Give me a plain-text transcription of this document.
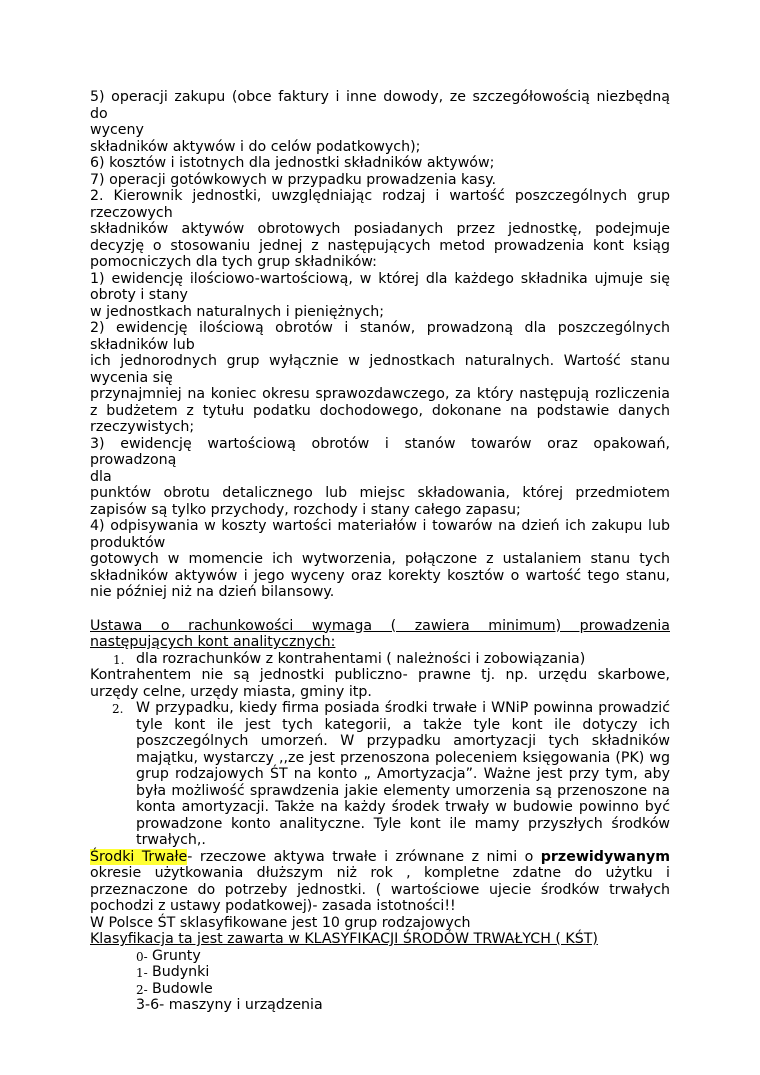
5) operacji zakupu (obce faktury i inne dowody, ze szczegółowością niezbędną do

wyceny

składników aktywów i do celów podatkowych);

6) kosztów i istotnych dla jednostki składników aktywów;

7) operacji gotówkowych w przypadku prowadzenia kasy.

2. Kierownik jednostki, uwzględniając rodzaj i wartość poszczególnych grup

rzeczowych

składników aktywów obrotowych posiadanych przez jednostkę, podejmuje decyzję o stosowaniu jednej z następujących metod prowadzenia kont ksiąg pomocniczych dla tych grup składników:

1) ewidencję ilościowo-wartościową, w której dla każdego składnika ujmuje się

obroty i stany

w jednostkach naturalnych i pieniężnych;

2) ewidencję ilościową obrotów i stanów, prowadzoną dla poszczególnych

składników lub

ich jednorodnych grup wyłącznie w jednostkach naturalnych. Wartość stanu

wycenia się

przynajmniej na koniec okresu sprawozdawczego, za który następują rozliczenia z budżetem z tytułu podatku dochodowego, dokonane na podstawie danych rzeczywistych;

3) ewidencję wartościową obrotów i stanów towarów oraz opakowań, prowadzoną

dla

punktów obrotu detalicznego lub miejsc składowania, której przedmiotem zapisów są tylko przychody, rozchody i stany całego zapasu;

4) odpisywania w koszty wartości materiałów i towarów na dzień ich zakupu lub

produktów

gotowych w momencie ich wytworzenia, połączone z ustalaniem stanu tych składników aktywów i jego wyceny oraz korekty kosztów o wartość tego stanu, nie później niż na dzień bilansowy.

Ustawa o rachunkowości wymaga ( zawiera minimum) prowadzenia następujących kont analitycznych:

1. dla rozrachunków z kontrahentami ( należności i zobowiązania)

Kontrahentem nie są jednostki publiczno- prawne tj. np. urzędu skarbowe, urzędy celne, urzędy miasta, gminy itp.

2. W przypadku, kiedy firma posiada środki trwałe i WNiP powinna prowadzić tyle kont ile jest tych kategorii, a także tyle kont ile dotyczy ich poszczególnych umorzeń. W przypadku amortyzacji tych składników majątku, wystarczy ,,ze jest przenoszona poleceniem księgowania (PK) wg grup rodzajowych ŚT na konto „ Amortyzacja”. Ważne jest przy tym, aby była możliwość sprawdzenia jakie elementy umorzenia są przenoszone na konta amortyzacji. Także na każdy środek trwały w budowie powinno być prowadzone konto analityczne. Tyle kont ile mamy przyszłych środków trwałych,.

Środki Trwałe- rzeczowe aktywa trwałe i zrównane z nimi o przewidywanym okresie użytkowania dłuższym niż rok , kompletne zdatne do użytku i przeznaczone do potrzeby jednostki. ( wartościowe ujecie środków trwałych pochodzi z ustawy podatkowej)- zasada istotności!!

W Polsce ŚT sklasyfikowane jest 10 grup rodzajowych

Klasyfikacja ta jest zawarta w KLASYFIKACJI ŚRODÓW TRWAŁYCH ( KŚT)

0- Grunty

1- Budynki

2- Budowle

3-6- maszyny i urządzenia
